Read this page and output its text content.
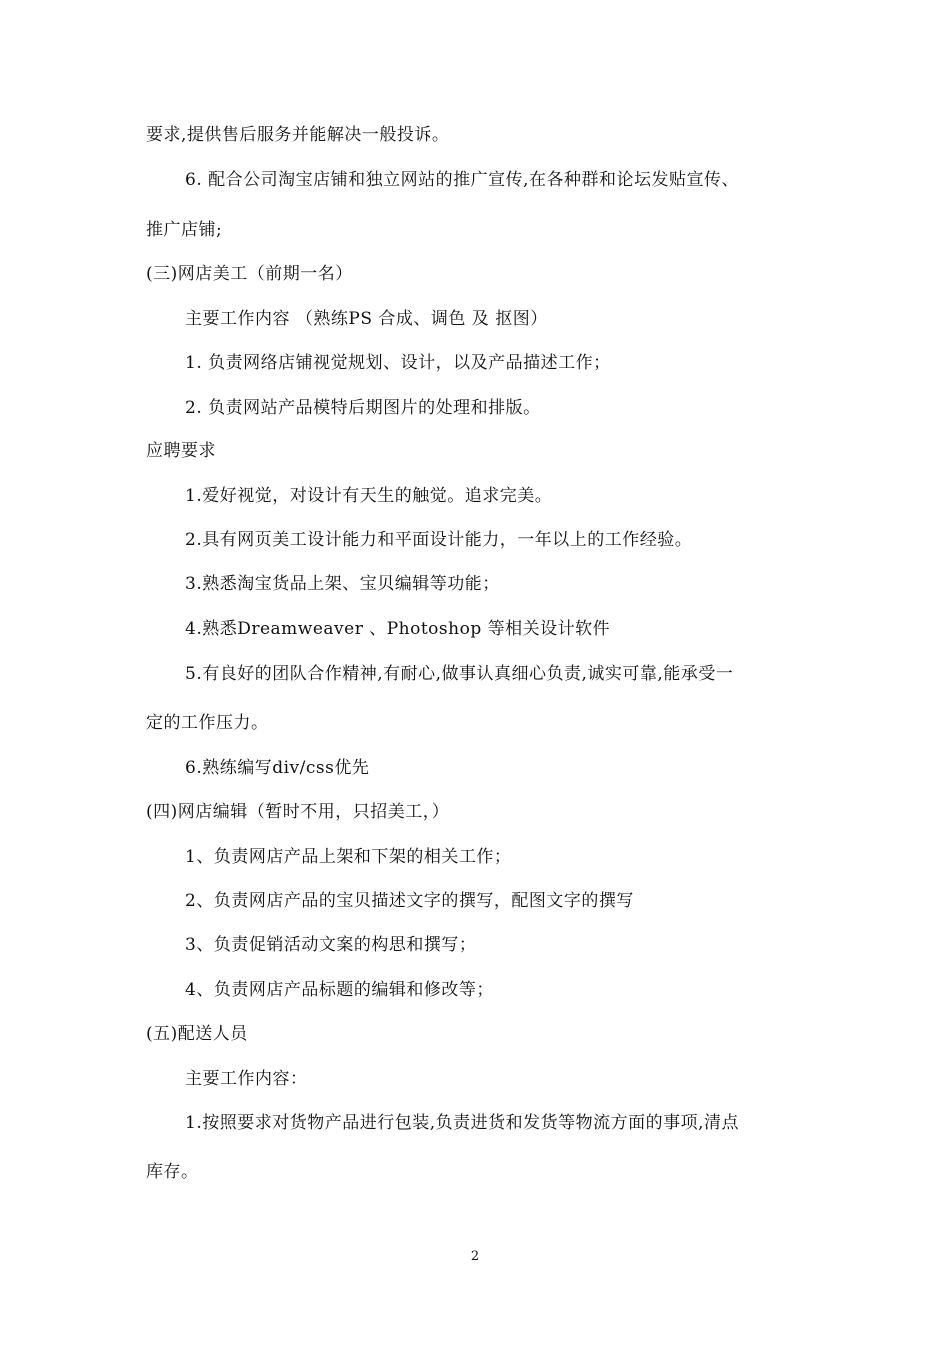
要求,提供售后服务并能解决一般投诉。
6. 配合公司淘宝店铺和独立网站的推广宣传,在各种群和论坛发贴宣传、
推广店铺;
(三)网店美工（前期一名）
主要工作内容 （熟练PS 合成、调色 及 抠图）
1. 负责网络店铺视觉规划、设计，以及产品描述工作；
2. 负责网站产品模特后期图片的处理和排版。
应聘要求
1.爱好视觉，对设计有天生的触觉。追求完美。
2.具有网页美工设计能力和平面设计能力，一年以上的工作经验。
3.熟悉淘宝货品上架、宝贝编辑等功能；
4.熟悉Dreamweaver 、Photoshop 等相关设计软件
5.有良好的团队合作精神,有耐心,做事认真细心负责,诚实可靠,能承受一
定的工作压力。
6.熟练编写div/css优先
(四)网店编辑（暂时不用，只招美工，）
1、负责网店产品上架和下架的相关工作；
2、负责网店产品的宝贝描述文字的撰写，配图文字的撰写
3、负责促销活动文案的构思和撰写；
4、负责网店产品标题的编辑和修改等；
(五)配送人员
主要工作内容：
1.按照要求对货物产品进行包装,负责进货和发货等物流方面的事项,清点
库存。
2
